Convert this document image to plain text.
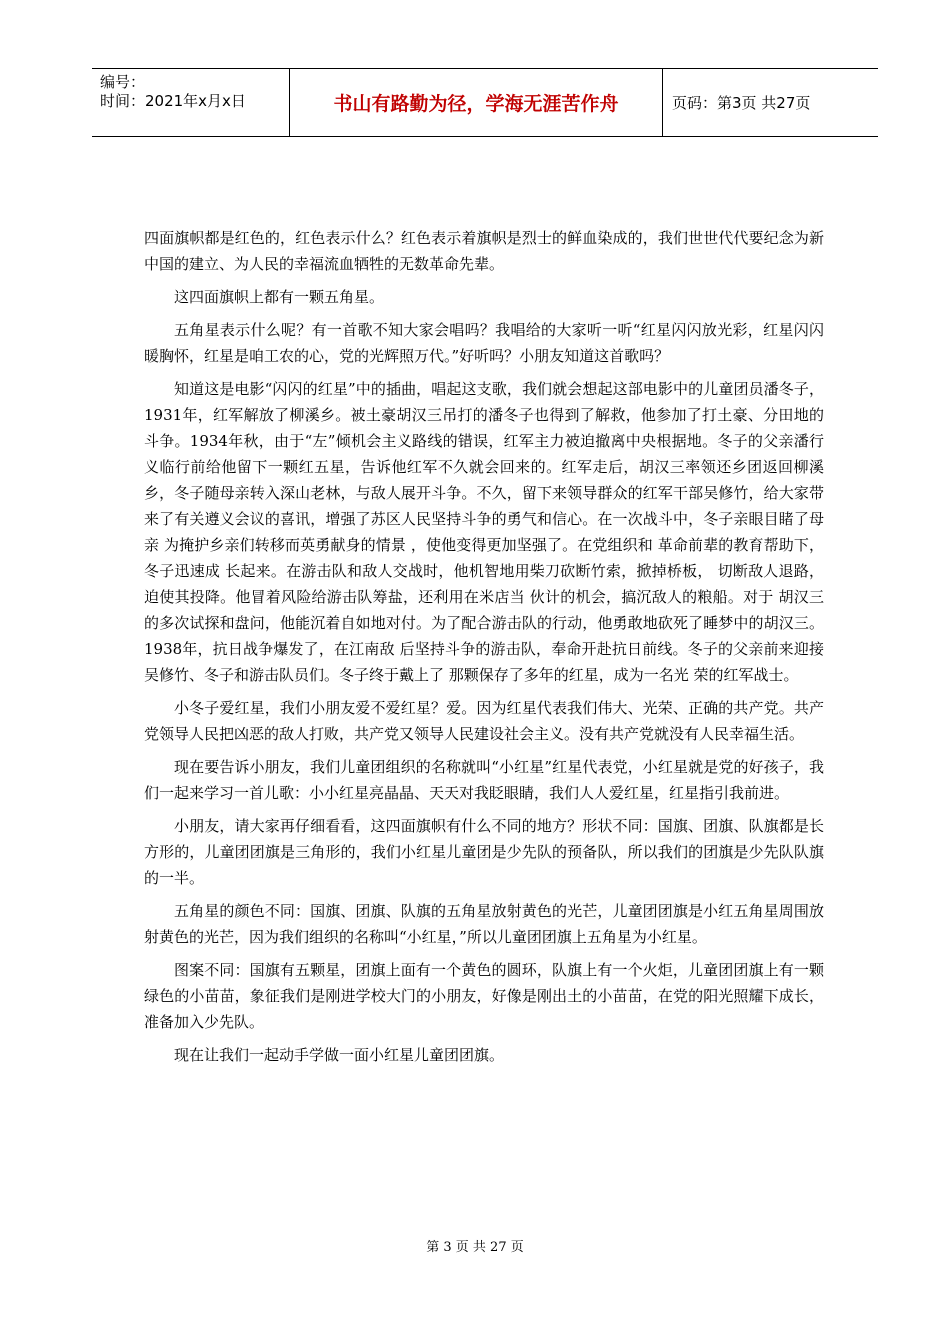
编号：
时间：2021年x月x日	书山有路勤为径，学海无涯苦作舟	页码：第3页 共27页

四面旗帜都是红色的，红色表示什么？红色表示着旗帜是烈士的鲜血染成的，我们世世代代要纪念为新中国的建立、为人民的幸福流血牺牲的无数革命先辈。

这四面旗帜上都有一颗五角星。

五角星表示什么呢？有一首歌不知大家会唱吗？我唱给的大家听一听“红星闪闪放光彩，红星闪闪暖胸怀，红星是咱工农的心，党的光辉照万代。”好听吗？小朋友知道这首歌吗？

知道这是电影“闪闪的红星”中的插曲，唱起这支歌，我们就会想起这部电影中的儿童团员潘冬子，1931年，红军解放了柳溪乡。被土豪胡汉三吊打的潘冬子也得到了解救，他参加了打土豪、分田地的斗争。1934年秋，由于“左”倾机会主义路线的错误，红军主力被迫撤离中央根据地。冬子的父亲潘行义临行前给他留下一颗红五星，告诉他红军不久就会回来的。红军走后，胡汉三率领还乡团返回柳溪乡，冬子随母亲转入深山老林，与敌人展开斗争。不久，留下来领导群众的红军干部吴修竹，给大家带来了有关遵义会议的喜讯，增强了苏区人民坚持斗争的勇气和信心。在一次战斗中，冬子亲眼目睹了母亲 为掩护乡亲们转移而英勇献身的情景 ，使他变得更加坚强了。在党组织和 革命前辈的教育帮助下，冬子迅速成 长起来。在游击队和敌人交战时，他机智地用柴刀砍断竹索，掀掉桥板， 切断敌人退路，迫使其投降。他冒着风险给游击队筹盐，还利用在米店当 伙计的机会，搞沉敌人的粮船。对于 胡汉三的多次试探和盘问，他能沉着自如地对付。为了配合游击队的行动，他勇敢地砍死了睡梦中的胡汉三。 1938年，抗日战争爆发了，在江南敌 后坚持斗争的游击队，奉命开赴抗日前线。冬子的父亲前来迎接吴修竹、冬子和游击队员们。冬子终于戴上了 那颗保存了多年的红星，成为一名光 荣的红军战士。

小冬子爱红星，我们小朋友爱不爱红星？爱。因为红星代表我们伟大、光荣、正确的共产党。共产党领导人民把凶恶的敌人打败，共产党又领导人民建设社会主义。没有共产党就没有人民幸福生活。

现在要告诉小朋友，我们儿童团组织的名称就叫“小红星”红星代表党，小红星就是党的好孩子，我们一起来学习一首儿歌：小小红星亮晶晶、天天对我眨眼睛，我们人人爱红星，红星指引我前进。

小朋友，请大家再仔细看看，这四面旗帜有什么不同的地方？形状不同：国旗、团旗、队旗都是长方形的，儿童团团旗是三角形的，我们小红星儿童团是少先队的预备队，所以我们的团旗是少先队队旗的一半。

五角星的颜色不同：国旗、团旗、队旗的五角星放射黄色的光芒，儿童团团旗是小红五角星周围放射黄色的光芒，因为我们组织的名称叫“小红星，”所以儿童团团旗上五角星为小红星。

图案不同：国旗有五颗星，团旗上面有一个黄色的圆环，队旗上有一个火炬，儿童团团旗上有一颗绿色的小苗苗，象征我们是刚进学校大门的小朋友，好像是刚出土的小苗苗，在党的阳光照耀下成长，准备加入少先队。

现在让我们一起动手学做一面小红星儿童团团旗。

第 3 页 共 27 页
